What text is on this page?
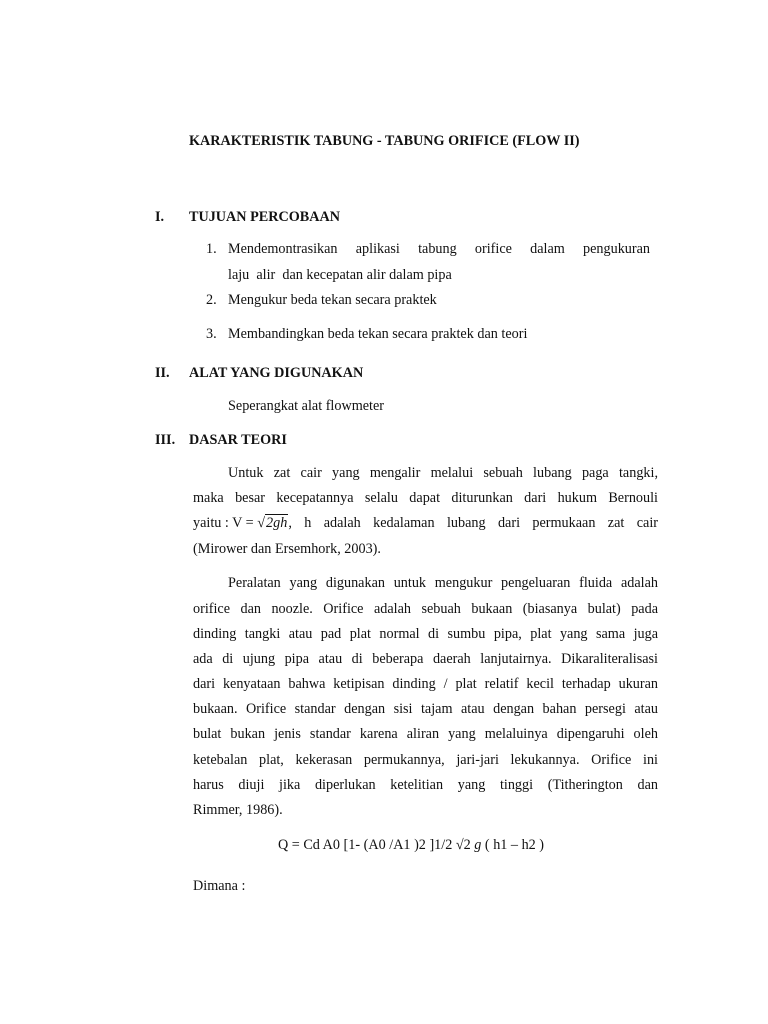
KARAKTERISTIK TABUNG - TABUNG ORIFICE (FLOW II)
I. TUJUAN PERCOBAAN
1. Mendemontrasikan aplikasi tabung orifice dalam pengukuran
laju  alir  dan kecepatan alir dalam pipa
2. Mengukur beda tekan secara praktek
3. Membandingkan beda tekan secara praktek dan teori
II. ALAT YANG DIGUNAKAN
Seperangkat alat flowmeter
III. DASAR TEORI
Untuk zat cair yang mengalir melalui sebuah lubang paga tangki,
maka besar kecepatannya selalu dapat diturunkan dari hukum Bernouli
yaitu : V = √2gh , h adalah kedalaman lubang dari permukaan zat cair
(Mirower dan Ersemhork, 2003).
Peralatan yang digunakan untuk mengukur pengeluaran fluida adalah
orifice dan noozle. Orifice adalah sebuah bukaan (biasanya bulat) pada
dinding tangki atau pad plat normal di sumbu pipa, plat yang sama juga
ada di ujung pipa atau di beberapa daerah lanjutairnya. Dikaraliteralisasi
dari kenyataan bahwa ketipisan dinding / plat relatif kecil terhadap ukuran
bukaan. Orifice standar dengan sisi tajam atau dengan bahan persegi atau
bulat bukan jenis standar karena aliran yang melaluinya dipengaruhi oleh
ketebalan plat, kekerasan permukannya, jari-jari lekukannya. Orifice ini
harus diuji jika diperlukan ketelitian yang tinggi (Titherington dan
Rimmer, 1986).
Q = Cd A0 [1- (A0 /A1 )2 ]1/2 √2 g ( h1 – h2 )
Dimana :
